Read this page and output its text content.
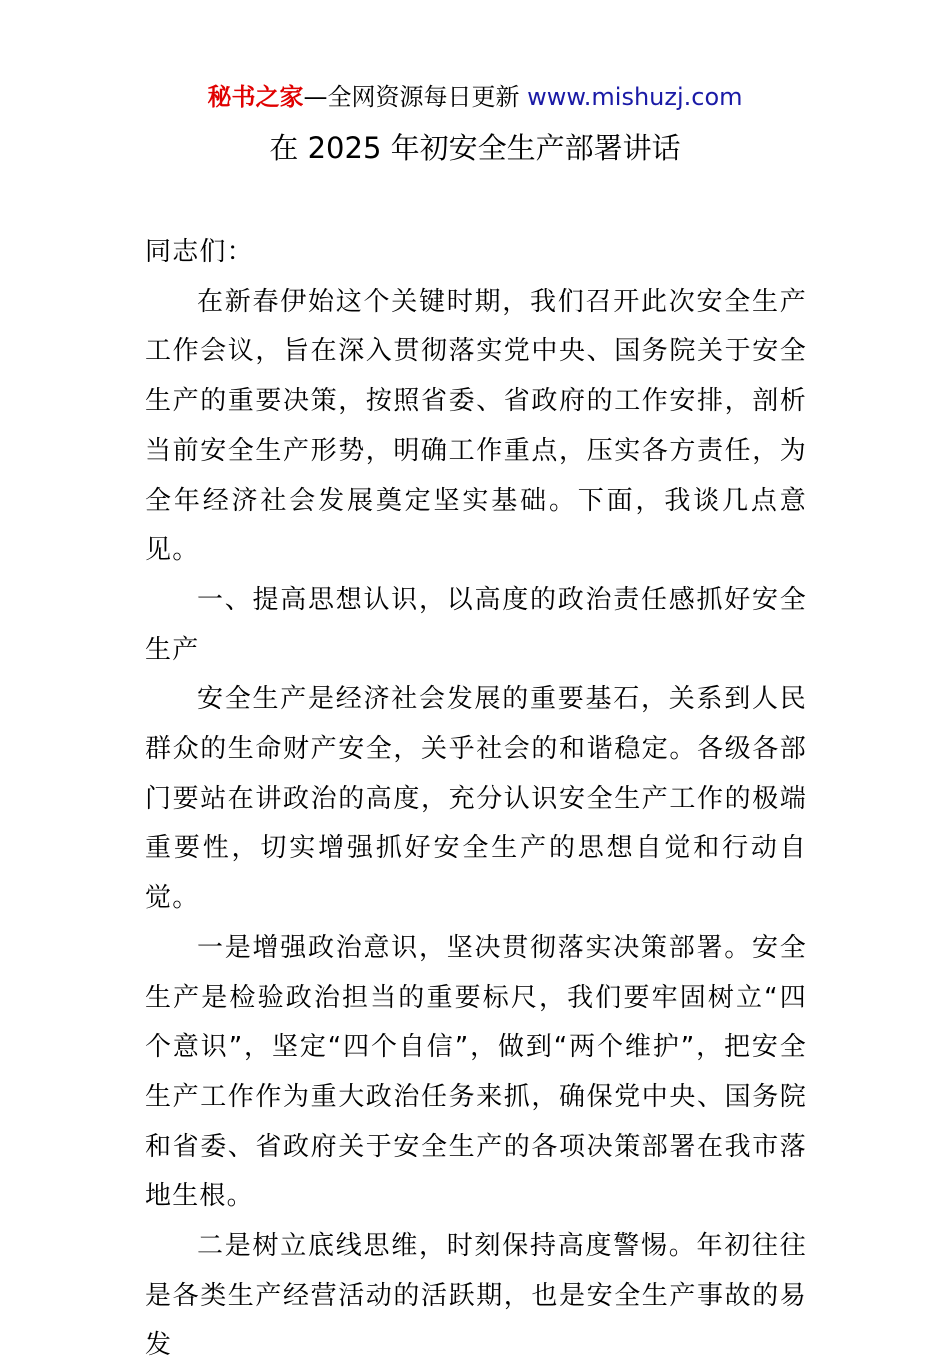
秘书之家—全网资源每日更新 www.mishuzj.com
在 2025 年初安全生产部署讲话

同志们：

在新春伊始这个关键时期，我们召开此次安全生产工作会议，旨在深入贯彻落实党中央、国务院关于安全生产的重要决策，按照省委、省政府的工作安排，剖析当前安全生产形势，明确工作重点，压实各方责任，为全年经济社会发展奠定坚实基础。下面，我谈几点意见。

一、提高思想认识，以高度的政治责任感抓好安全生产

安全生产是经济社会发展的重要基石，关系到人民群众的生命财产安全，关乎社会的和谐稳定。各级各部门要站在讲政治的高度，充分认识安全生产工作的极端重要性，切实增强抓好安全生产的思想自觉和行动自觉。

一是增强政治意识，坚决贯彻落实决策部署。安全生产是检验政治担当的重要标尺，我们要牢固树立“四个意识”，坚定“四个自信”，做到“两个维护”，把安全生产工作作为重大政治任务来抓，确保党中央、国务院和省委、省政府关于安全生产的各项决策部署在我市落地生根。

二是树立底线思维，时刻保持高度警惕。年初往往是各类生产经营活动的活跃期，也是安全生产事故的易发
